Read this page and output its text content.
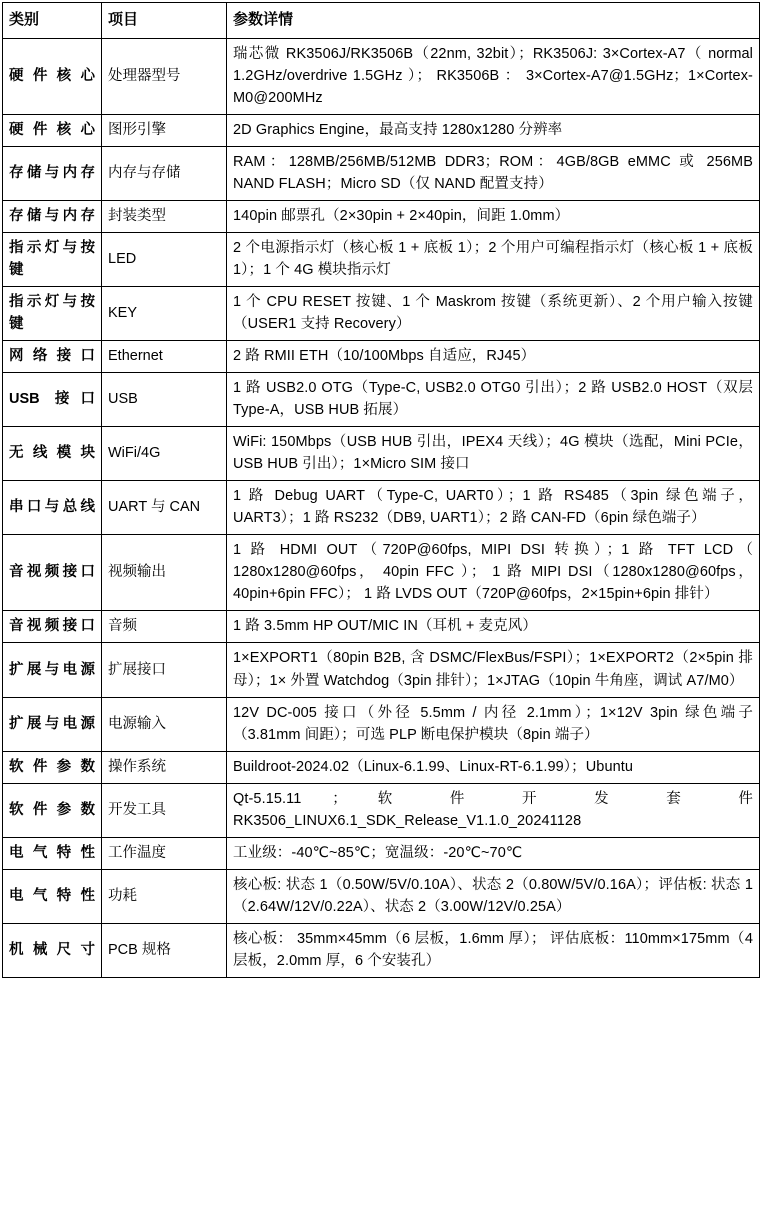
类别	项目	参数详情
硬件核心	处理器型号	瑞芯微 RK3506J/RK3506B（22nm, 32bit）；RK3506J: 3×Cortex-A7（ normal 1.2GHz/overdrive 1.5GHz ）； RK3506B ： 3×Cortex-A7@1.5GHz；1×Cortex-M0@200MHz
硬件核心	图形引擎	2D Graphics Engine，最高支持 1280x1280 分辨率
存储与内存	内存与存储	RAM：128MB/256MB/512MB DDR3；ROM：4GB/8GB eMMC 或 256MB NAND FLASH；Micro SD（仅 NAND 配置支持）
存储与内存	封装类型	140pin 邮票孔（2×30pin + 2×40pin，间距 1.0mm）
指示灯与按键	LED	2 个电源指示灯（核心板 1 + 底板 1）；2 个用户可编程指示灯（核心板 1 + 底板 1）；1 个 4G 模块指示灯
指示灯与按键	KEY	1 个 CPU RESET 按键、1 个 Maskrom 按键（系统更新）、2 个用户输入按键（USER1 支持 Recovery）
网络接口	Ethernet	2 路 RMII ETH（10/100Mbps 自适应，RJ45）
USB 接口	USB	1 路 USB2.0 OTG（Type-C, USB2.0 OTG0 引出）；2 路 USB2.0 HOST（双层 Type-A，USB HUB 拓展）
无线模块	WiFi/4G	WiFi: 150Mbps（USB HUB 引出，IPEX4 天线）；4G 模块（选配，Mini PCIe，USB HUB 引出）；1×Micro SIM 接口
串口与总线	UART 与 CAN	1 路 Debug UART（Type-C, UART0）；1 路 RS485（3pin 绿色端子，UART3）；1 路 RS232（DB9, UART1）；2 路 CAN-FD（6pin 绿色端子）
音视频接口	视频输出	1 路 HDMI OUT（720P@60fps, MIPI DSI 转换）；1 路 TFT LCD（ 1280x1280@60fps， 40pin FFC ）； 1 路 MIPI DSI（1280x1280@60fps， 40pin+6pin FFC）； 1 路 LVDS OUT（720P@60fps，2×15pin+6pin 排针）
音视频接口	音频	1 路 3.5mm HP OUT/MIC IN（耳机 + 麦克风）
扩展与电源	扩展接口	1×EXPORT1（80pin B2B, 含 DSMC/FlexBus/FSPI）；1×EXPORT2（2×5pin 排母）；1× 外置 Watchdog（3pin 排针）；1×JTAG（10pin 牛角座，调试 A7/M0）
扩展与电源	电源输入	12V DC-005 接口（外径 5.5mm / 内径 2.1mm）；1×12V 3pin 绿色端子（3.81mm 间距）；可选 PLP 断电保护模块（8pin 端子）
软件参数	操作系统	Buildroot-2024.02（Linux-6.1.99、Linux-RT-6.1.99）；Ubuntu
软件参数	开发工具	Qt-5.15.11 ； 软 件 开 发 套 件 RK3506_LINUX6.1_SDK_Release_V1.1.0_20241128
电气特性	工作温度	工业级：-40℃~85℃；宽温级：-20℃~70℃
电气特性	功耗	核心板: 状态 1（0.50W/5V/0.10A）、状态 2（0.80W/5V/0.16A）；评估板: 状态 1（2.64W/12V/0.22A）、状态 2（3.00W/12V/0.25A）
机械尺寸	PCB 规格	核心板： 35mm×45mm（6 层板，1.6mm 厚）； 评估底板：110mm×175mm（4 层板，2.0mm 厚，6 个安装孔）
